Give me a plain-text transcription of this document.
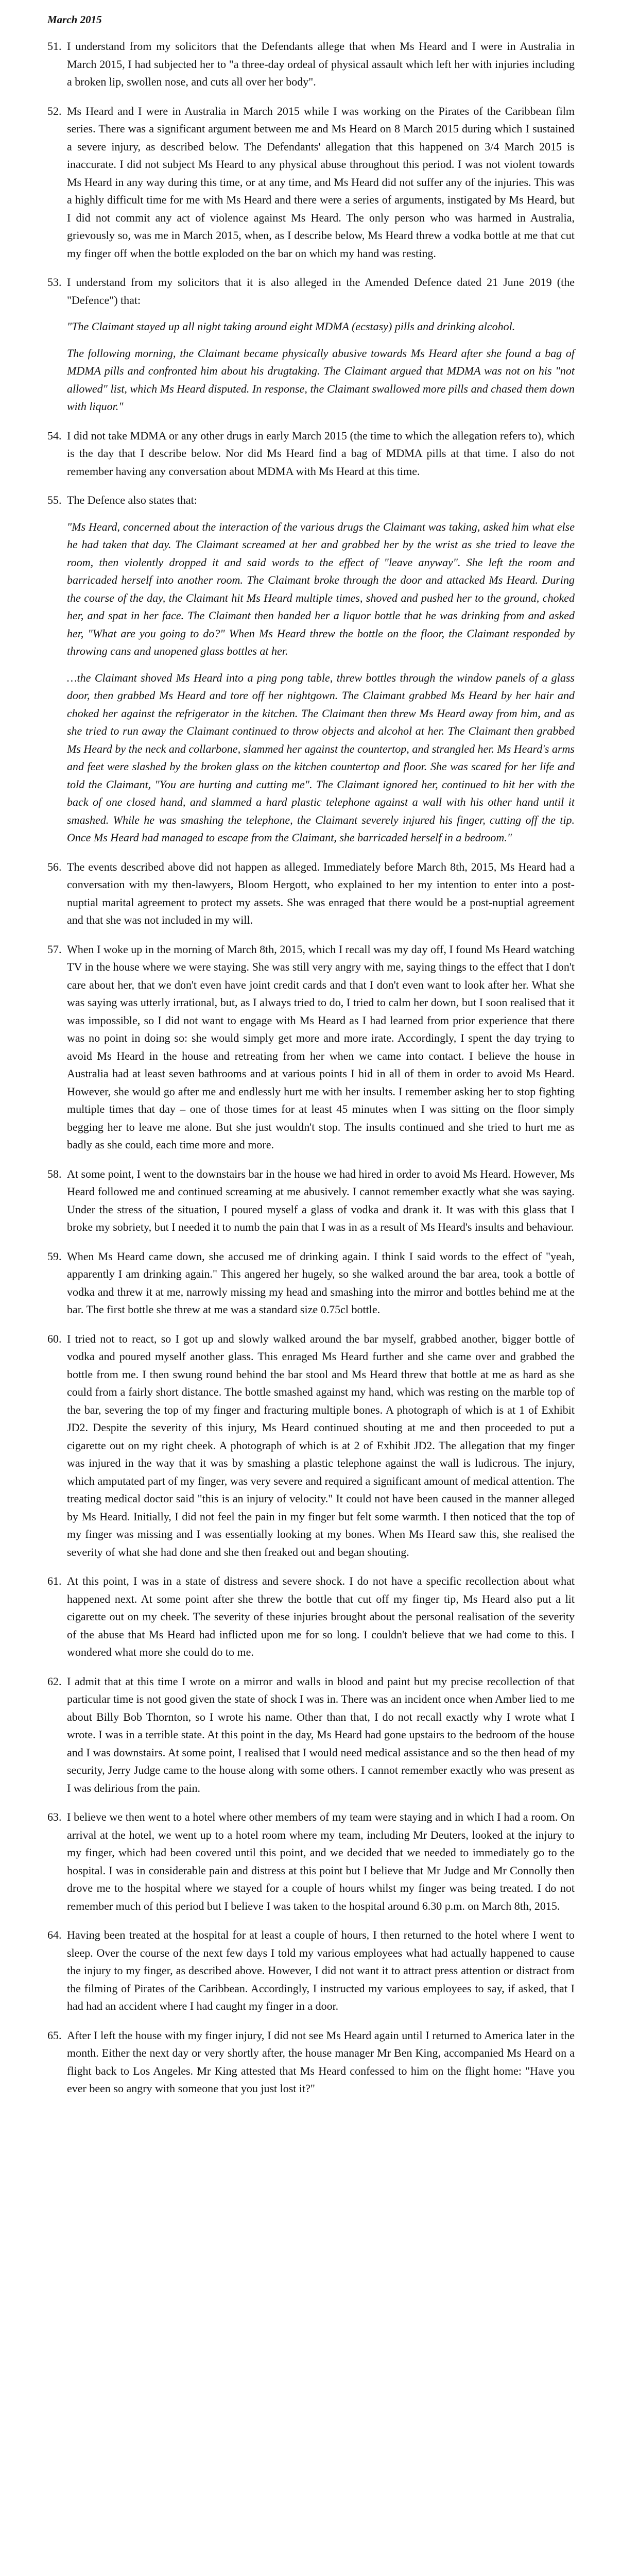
March 2015
51. I understand from my solicitors that the Defendants allege that when Ms Heard and I were in Australia in March 2015, I had subjected her to "a three-day ordeal of physical assault which left her with injuries including a broken lip, swollen nose, and cuts all over her body".

52. Ms Heard and I were in Australia in March 2015 while I was working on the Pirates of the Caribbean film series. There was a significant argument between me and Ms Heard on 8 March 2015 during which I sustained a severe injury, as described below. The Defendants' allegation that this happened on 3/4 March 2015 is inaccurate. I did not subject Ms Heard to any physical abuse throughout this period. I was not violent towards Ms Heard in any way during this time, or at any time, and Ms Heard did not suffer any of the injuries. This was a highly difficult time for me with Ms Heard and there were a series of arguments, instigated by Ms Heard, but I did not commit any act of violence against Ms Heard. The only person who was harmed in Australia, grievously so, was me in March 2015, when, as I describe below, Ms Heard threw a vodka bottle at me that cut my finger off when the bottle exploded on the bar on which my hand was resting.

53. I understand from my solicitors that it is also alleged in the Amended Defence dated 21 June 2019 (the "Defence") that:

"The Claimant stayed up all night taking around eight MDMA (ecstasy) pills and drinking alcohol.

The following morning, the Claimant became physically abusive towards Ms Heard after she found a bag of MDMA pills and confronted him about his drugtaking. The Claimant argued that MDMA was not on his "not allowed" list, which Ms Heard disputed. In response, the Claimant swallowed more pills and chased them down with liquor."

54. I did not take MDMA or any other drugs in early March 2015 (the time to which the allegation refers to), which is the day that I describe below. Nor did Ms Heard find a bag of MDMA pills at that time. I also do not remember having any conversation about MDMA with Ms Heard at this time.

55. The Defence also states that:

"Ms Heard, concerned about the interaction of the various drugs the Claimant was taking, asked him what else he had taken that day. The Claimant screamed at her and grabbed her by the wrist as she tried to leave the room, then violently dropped it and said words to the effect of "leave anyway". She left the room and barricaded herself into another room. The Claimant broke through the door and attacked Ms Heard. During the course of the day, the Claimant hit Ms Heard multiple times, shoved and pushed her to the ground, choked her, and spat in her face. The Claimant then handed her a liquor bottle that he was drinking from and asked her, "What are you going to do?" When Ms Heard threw the bottle on the floor, the Claimant responded by throwing cans and unopened glass bottles at her.

…the Claimant shoved Ms Heard into a ping pong table, threw bottles through the window panels of a glass door, then grabbed Ms Heard and tore off her nightgown. The Claimant grabbed Ms Heard by her hair and choked her against the refrigerator in the kitchen. The Claimant then threw Ms Heard away from him, and as she tried to run away the Claimant continued to throw objects and alcohol at her. The Claimant then grabbed Ms Heard by the neck and collarbone, slammed her against the countertop, and strangled her. Ms Heard's arms and feet were slashed by the broken glass on the kitchen countertop and floor. She was scared for her life and told the Claimant, "You are hurting and cutting me". The Claimant ignored her, continued to hit her with the back of one closed hand, and slammed a hard plastic telephone against a wall with his other hand until it smashed. While he was smashing the telephone, the Claimant severely injured his finger, cutting off the tip. Once Ms Heard had managed to escape from the Claimant, she barricaded herself in a bedroom."

56. The events described above did not happen as alleged. Immediately before March 8th, 2015, Ms Heard had a conversation with my then-lawyers, Bloom Hergott, who explained to her my intention to enter into a post-nuptial marital agreement to protect my assets. She was enraged that there would be a post-nuptial agreement and that she was not included in my will.

57. When I woke up in the morning of March 8th, 2015, which I recall was my day off, I found Ms Heard watching TV in the house where we were staying. She was still very angry with me, saying things to the effect that I don't care about her, that we don't even have joint credit cards and that I don't even want to look after her. What she was saying was utterly irrational, but, as I always tried to do, I tried to calm her down, but I soon realised that it was impossible, so I did not want to engage with Ms Heard as I had learned from prior experience that there was no point in doing so: she would simply get more and more irate. Accordingly, I spent the day trying to avoid Ms Heard in the house and retreating from her when we came into contact. I believe the house in Australia had at least seven bathrooms and at various points I hid in all of them in order to avoid Ms Heard. However, she would go after me and endlessly hurt me with her insults. I remember asking her to stop fighting multiple times that day – one of those times for at least 45 minutes when I was sitting on the floor simply begging her to leave me alone. But she just wouldn't stop. The insults continued and she tried to hurt me as badly as she could, each time more and more.

58. At some point, I went to the downstairs bar in the house we had hired in order to avoid Ms Heard. However, Ms Heard followed me and continued screaming at me abusively. I cannot remember exactly what she was saying. Under the stress of the situation, I poured myself a glass of vodka and drank it. It was with this glass that I broke my sobriety, but I needed it to numb the pain that I was in as a result of Ms Heard's insults and behaviour.

59. When Ms Heard came down, she accused me of drinking again. I think I said words to the effect of "yeah, apparently I am drinking again." This angered her hugely, so she walked around the bar area, took a bottle of vodka and threw it at me, narrowly missing my head and smashing into the mirror and bottles behind me at the bar. The first bottle she threw at me was a standard size 0.75cl bottle.

60. I tried not to react, so I got up and slowly walked around the bar myself, grabbed another, bigger bottle of vodka and poured myself another glass. This enraged Ms Heard further and she came over and grabbed the bottle from me. I then swung round behind the bar stool and Ms Heard threw that bottle at me as hard as she could from a fairly short distance. The bottle smashed against my hand, which was resting on the marble top of the bar, severing the top of my finger and fracturing multiple bones. A photograph of which is at 1 of Exhibit JD2. Despite the severity of this injury, Ms Heard continued shouting at me and then proceeded to put a cigarette out on my right cheek. A photograph of which is at 2 of Exhibit JD2. The allegation that my finger was injured in the way that it was by smashing a plastic telephone against the wall is ludicrous. The injury, which amputated part of my finger, was very severe and required a significant amount of medical attention. The treating medical doctor said "this is an injury of velocity." It could not have been caused in the manner alleged by Ms Heard. Initially, I did not feel the pain in my finger but felt some warmth. I then noticed that the top of my finger was missing and I was essentially looking at my bones. When Ms Heard saw this, she realised the severity of what she had done and she then freaked out and began shouting.

61. At this point, I was in a state of distress and severe shock. I do not have a specific recollection about what happened next. At some point after she threw the bottle that cut off my finger tip, Ms Heard also put a lit cigarette out on my cheek. The severity of these injuries brought about the personal realisation of the severity of the abuse that Ms Heard had inflicted upon me for so long. I couldn't believe that we had come to this. I wondered what more she could do to me.

62. I admit that at this time I wrote on a mirror and walls in blood and paint but my precise recollection of that particular time is not good given the state of shock I was in. There was an incident once when Amber lied to me about Billy Bob Thornton, so I wrote his name. Other than that, I do not recall exactly why I wrote what I wrote. I was in a terrible state. At this point in the day, Ms Heard had gone upstairs to the bedroom of the house and I was downstairs. At some point, I realised that I would need medical assistance and so the then head of my security, Jerry Judge came to the house along with some others. I cannot remember exactly who was present as I was delirious from the pain.

63. I believe we then went to a hotel where other members of my team were staying and in which I had a room. On arrival at the hotel, we went up to a hotel room where my team, including Mr Deuters, looked at the injury to my finger, which had been covered until this point, and we decided that we needed to immediately go to the hospital. I was in considerable pain and distress at this point but I believe that Mr Judge and Mr Connolly then drove me to the hospital where we stayed for a couple of hours whilst my finger was being treated. I do not remember much of this period but I believe I was taken to the hospital around 6.30 p.m. on March 8th, 2015.

64. Having been treated at the hospital for at least a couple of hours, I then returned to the hotel where I went to sleep. Over the course of the next few days I told my various employees what had actually happened to cause the injury to my finger, as described above. However, I did not want it to attract press attention or distract from the filming of Pirates of the Caribbean. Accordingly, I instructed my various employees to say, if asked, that I had had an accident where I had caught my finger in a door.

65. After I left the house with my finger injury, I did not see Ms Heard again until I returned to America later in the month. Either the next day or very shortly after, the house manager Mr Ben King, accompanied Ms Heard on a flight back to Los Angeles. Mr King attested that Ms Heard confessed to him on the flight home: "Have you ever been so angry with someone that you just lost it?"
